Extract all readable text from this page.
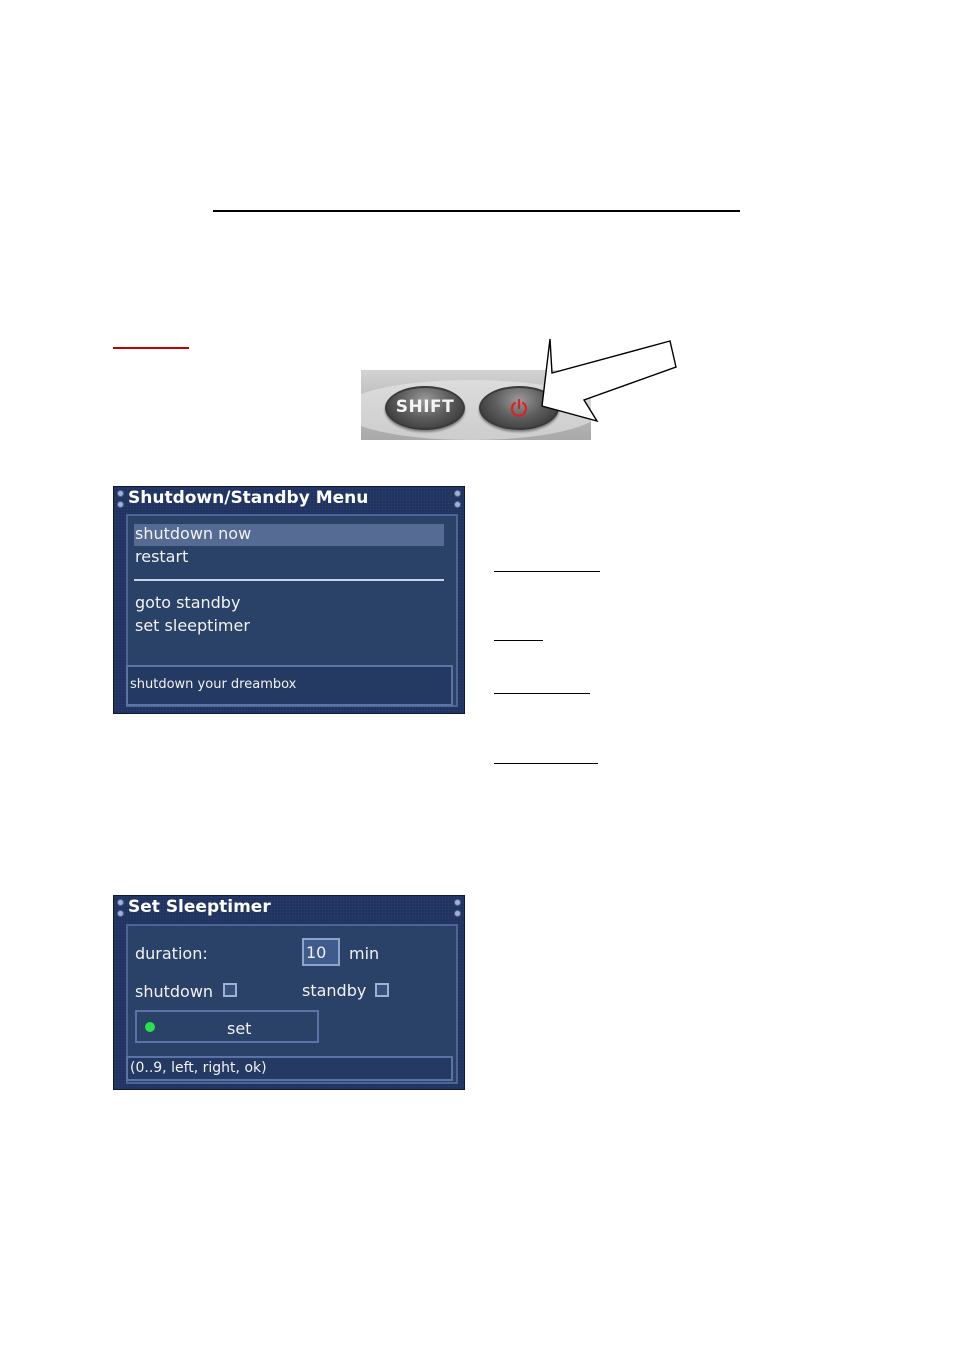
SHIFT
Shutdown/Standby Menu
shutdown now
restart
goto standby
set sleeptimer
shutdown your dreambox
Set Sleeptimer
duration:	10 min
shutdown	standby
set
(0..9, left, right, ok)
